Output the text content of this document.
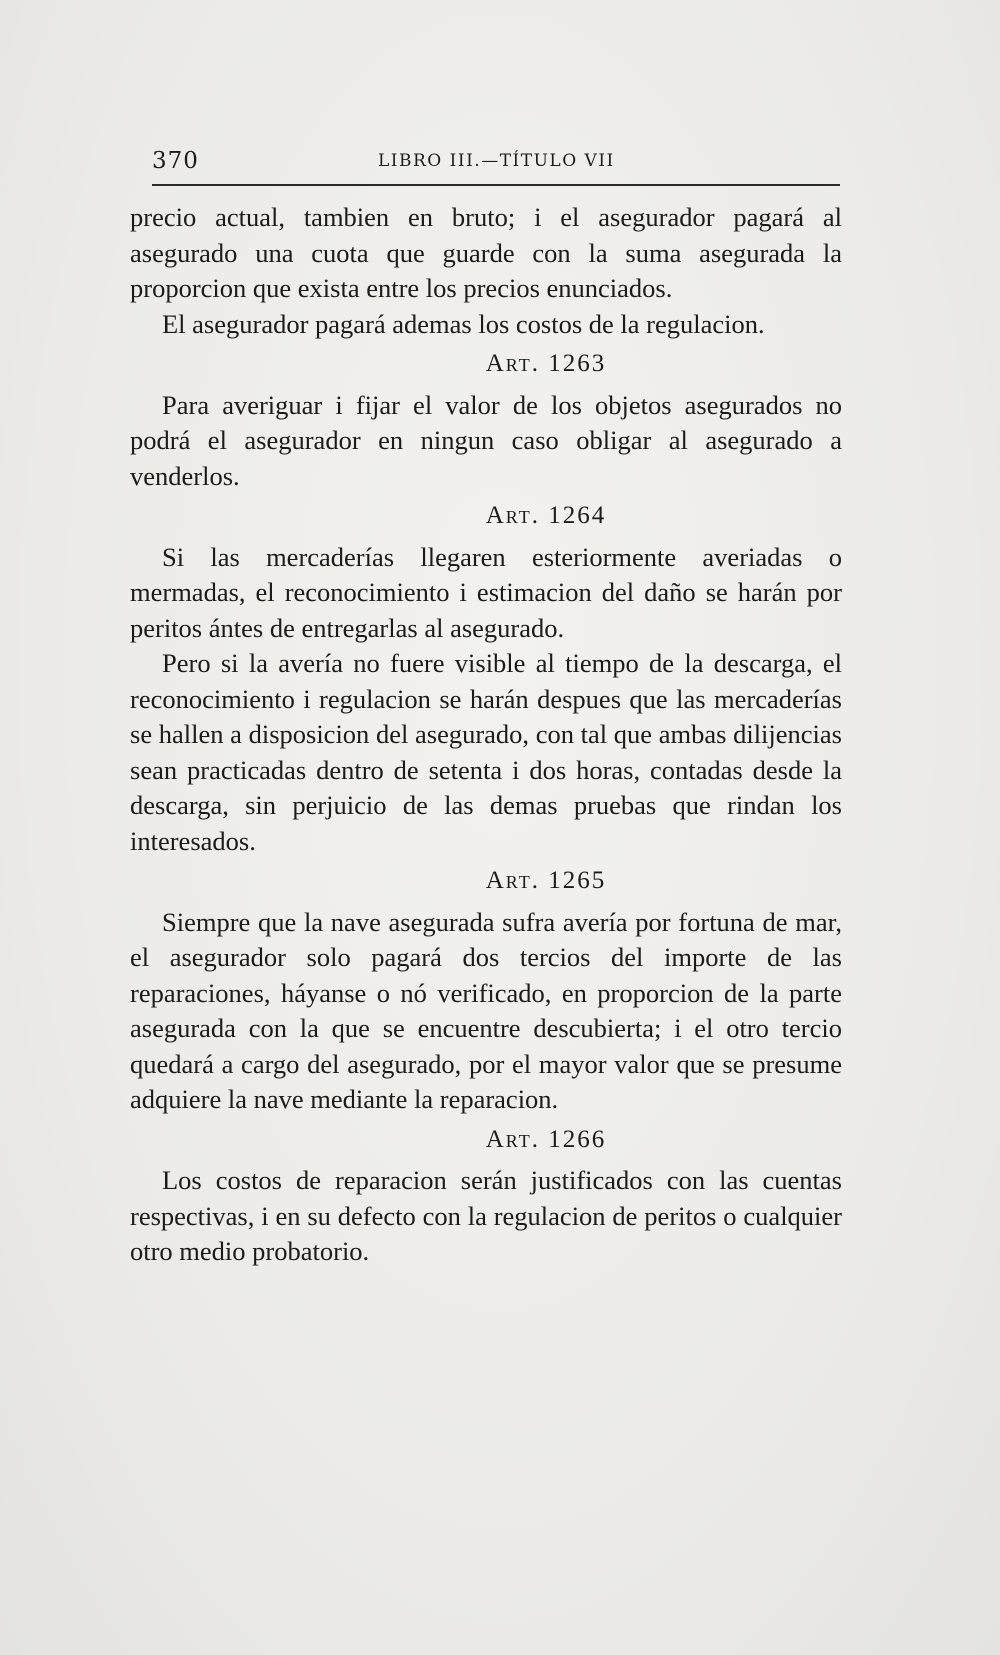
370	LIBRO III.—TÍTULO VII

precio actual, tambien en bruto; i el asegurador pagará al asegurado una cuota que guarde con la suma asegurada la proporcion que exista entre los precios enunciados.

El asegurador pagará ademas los costos de la regulacion.

Art. 1263

Para averiguar i fijar el valor de los objetos asegurados no podrá el asegurador en ningun caso obligar al asegurado a venderlos.

Art. 1264

Si las mercaderías llegaren esteriormente averiadas o mermadas, el reconocimiento i estimacion del daño se harán por peritos ántes de entregarlas al asegurado.

Pero si la avería no fuere visible al tiempo de la descarga, el reconocimiento i regulacion se harán despues que las mercaderías se hallen a disposicion del asegurado, con tal que ambas dilijencias sean practicadas dentro de setenta i dos horas, contadas desde la descarga, sin perjuicio de las demas pruebas que rindan los interesados.

Art. 1265

Siempre que la nave asegurada sufra avería por fortuna de mar, el asegurador solo pagará dos tercios del importe de las reparaciones, háyanse o nó verificado, en proporcion de la parte asegurada con la que se encuentre descubierta; i el otro tercio quedará a cargo del asegurado, por el mayor valor que se presume adquiere la nave mediante la reparacion.

Art. 1266

Los costos de reparacion serán justificados con las cuentas respectivas, i en su defecto con la regulacion de peritos o cualquier otro medio probatorio.
